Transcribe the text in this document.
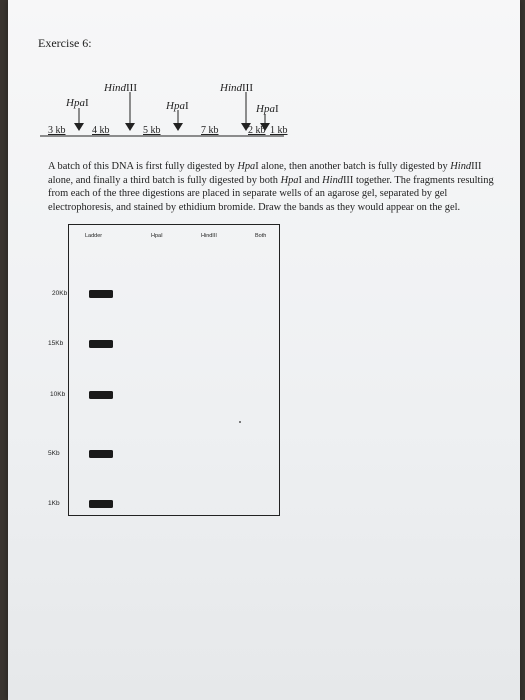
Exercise 6:
HindIII	HindIII
HpaI	HpaI	HpaI
3 kb	4 kb	5 kb	7 kb	2 kb 1 kb
A batch of this DNA is first fully digested by HpaI alone, then another batch is fully digested by HindIII alone, and finally a third batch is fully digested by both HpaI and HindIII together. The fragments resulting from each of the three digestions are placed in separate wells of an agarose gel, separated by gel electrophoresis, and stained by ethidium bromide. Draw the bands as they would appear on the gel.
Ladder	HpaI	HindIII	Both
20Kb
15Kb
10Kb
5Kb
1Kb
